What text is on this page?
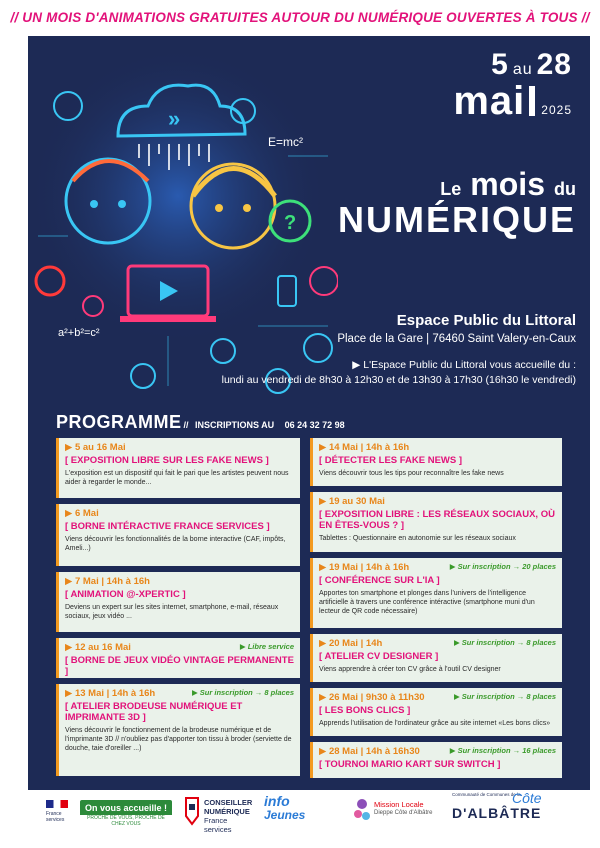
// UN MOIS D'ANIMATIONS GRATUITES AUTOUR DU NUMÉRIQUE OUVERTES À TOUS //
»
?
E=mc²
a²+b²=c²
5 au 28
mai 2025
Le mois du
NUMÉRIQUE
Espace Public du Littoral
Place de la Gare | 76460 Saint Valery-en-Caux
▶ L'Espace Public du Littoral vous accueille du :
lundi au vendredi de 8h30 à 12h30 et de 13h30 à 17h30 (16h30 le vendredi)
PROGRAMME // INSCRIPTIONS AU 06 24 32 72 98
▶ 5 au 16 Mai
[ EXPOSITION LIBRE SUR LES FAKE NEWS ]
L'exposition est un dispositif qui fait le pari que les artistes peuvent nous aider à regarder le monde...
▶ 6 Mai
[ BORNE INTÉRACTIVE FRANCE SERVICES ]
Viens découvrir les fonctionnalités de la borne interactive (CAF, impôts, Ameli...)
▶ 7 Mai | 14h à 16h
[ ANIMATION @-XPERTIC ]
Deviens un expert sur les sites internet, smartphone, e-mail, réseaux sociaux, jeux vidéo ...
▶ 12 au 16 Mai	▶ Libre service
[ BORNE DE JEUX VIDÉO VINTAGE PERMANENTE ]
▶ 13 Mai | 14h à 16h	▶ Sur inscription → 8 places
[ ATELIER BRODEUSE NUMÉRIQUE ET IMPRIMANTE 3D ]
Viens découvrir le fonctionnement de la brodeuse numérique et de l'imprimante 3D // n'oubliez pas d'apporter ton tissu à broder (serviette de douche, taie d'oreiller ...)
▶ 14 Mai | 14h à 16h
[ DÉTECTER LES FAKE NEWS ]
Viens découvrir tous les tips pour reconnaître les fake news
▶ 19 au 30 Mai
[ EXPOSITION LIBRE : LES RÉSEAUX SOCIAUX, OÙ EN ÊTES-VOUS ? ]
Tablettes : Questionnaire en autonomie sur les réseaux sociaux
▶ 19 Mai | 14h à 16h	▶ Sur inscription → 20 places
[ CONFÉRENCE SUR L'IA ]
Apportes ton smartphone et plonges dans l'univers de l'intelligence artificielle à travers une conférence intéractive (smartphone muni d'un lecteur de QR code nécessaire)
▶ 20 Mai | 14h	▶ Sur inscription → 8 places
[ ATELIER CV DESIGNER ]
Viens apprendre à créer ton CV grâce à l'outil CV designer
▶ 26 Mai | 9h30 à 11h30	▶ Sur inscription → 8 places
[ LES BONS CLICS ]
Apprends l'utilisation de l'ordinateur grâce au site internet «Les bons clics»
▶ 28 Mai | 14h à 16h30	▶ Sur inscription → 16 places
[ TOURNOI MARIO KART SUR SWITCH ]
France services
On vous accueille !
PROCHE DE VOUS, PROCHE DE CHEZ VOUS
CONSEILLER
NUMÉRIQUE
France services
info
Jeunes
Mission Locale
Dieppe Côte d'Albâtre
Communauté de Communes de la
Côte
D'ALBÂTRE
